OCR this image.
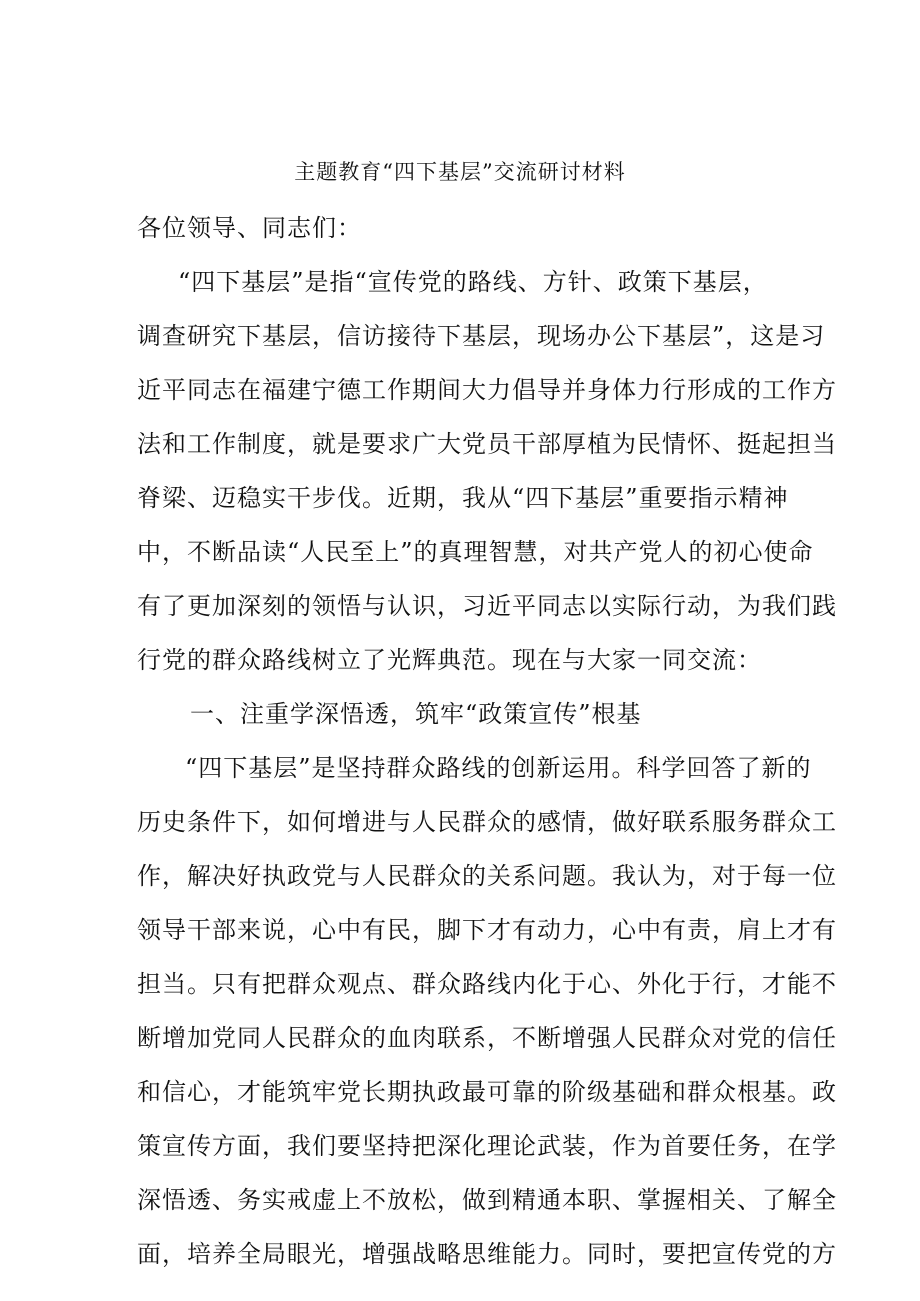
主题教育“四下基层”交流研讨材料
各位领导、同志们：
“四下基层”是指“宣传党的路线、方针、政策下基层，
调查研究下基层，信访接待下基层，现场办公下基层”，这是习
近平同志在福建宁德工作期间大力倡导并身体力行形成的工作方
法和工作制度，就是要求广大党员干部厚植为民情怀、挺起担当
脊梁、迈稳实干步伐。近期，我从“四下基层”重要指示精神
中，不断品读“人民至上”的真理智慧，对共产党人的初心使命
有了更加深刻的领悟与认识，习近平同志以实际行动，为我们践
行党的群众路线树立了光辉典范。现在与大家一同交流：
一、注重学深悟透，筑牢“政策宣传”根基
“四下基层”是坚持群众路线的创新运用。科学回答了新的
历史条件下，如何增进与人民群众的感情，做好联系服务群众工
作，解决好执政党与人民群众的关系问题。我认为，对于每一位
领导干部来说，心中有民，脚下才有动力，心中有责，肩上才有
担当。只有把群众观点、群众路线内化于心、外化于行，才能不
断增加党同人民群众的血肉联系，不断增强人民群众对党的信任
和信心，才能筑牢党长期执政最可靠的阶级基础和群众根基。政
策宣传方面，我们要坚持把深化理论武装，作为首要任务，在学
深悟透、务实戒虚上不放松，做到精通本职、掌握相关、了解全
面，培养全局眼光，增强战略思维能力。同时，要把宣传党的方
